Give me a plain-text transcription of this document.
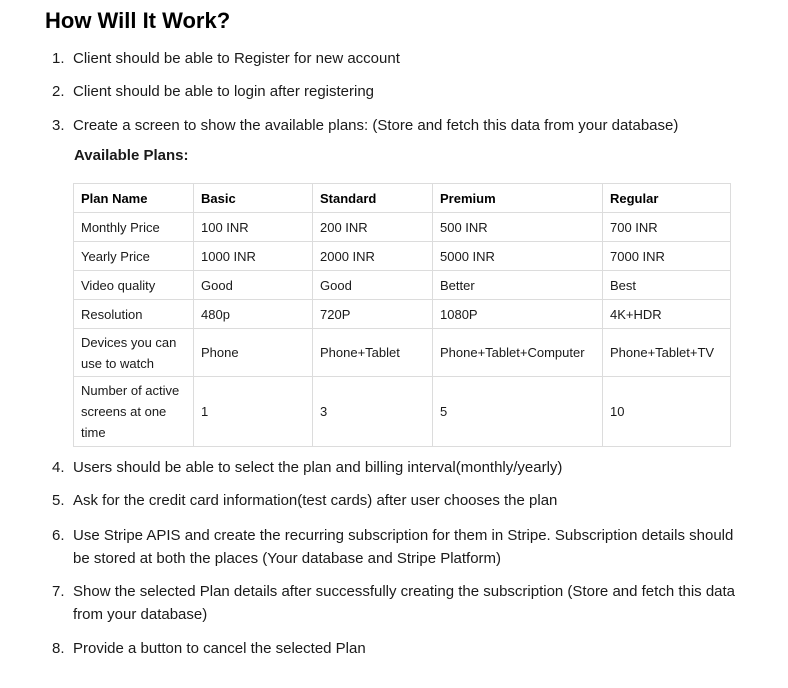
How Will It Work?
1. Client should be able to Register for new account
2. Client should be able to login after registering
3. Create a screen to show the available plans: (Store and fetch this data from your database)
4. Users should be able to select the plan and billing interval(monthly/yearly)
5. Ask for the credit card information(test cards) after user chooses the plan
6. Use Stripe APIS and create the recurring subscription for them in Stripe. Subscription details should be stored at both the places (Your database and Stripe Platform)
7. Show the selected Plan details after successfully creating the subscription (Store and fetch this data from your database)
8. Provide a button to cancel the selected Plan
Available Plans:
Plan Name	Basic	Standard	Premium	Regular
Monthly Price	100 INR	200 INR	500 INR	700 INR
Yearly Price	1000 INR	2000 INR	5000 INR	7000 INR
Video quality	Good	Good	Better	Best
Resolution	480p	720P	1080P	4K+HDR
Devices you can use to watch	Phone	Phone+Tablet	Phone+Tablet+Computer	Phone+Tablet+TV
Number of active screens at one time	1	3	5	10
